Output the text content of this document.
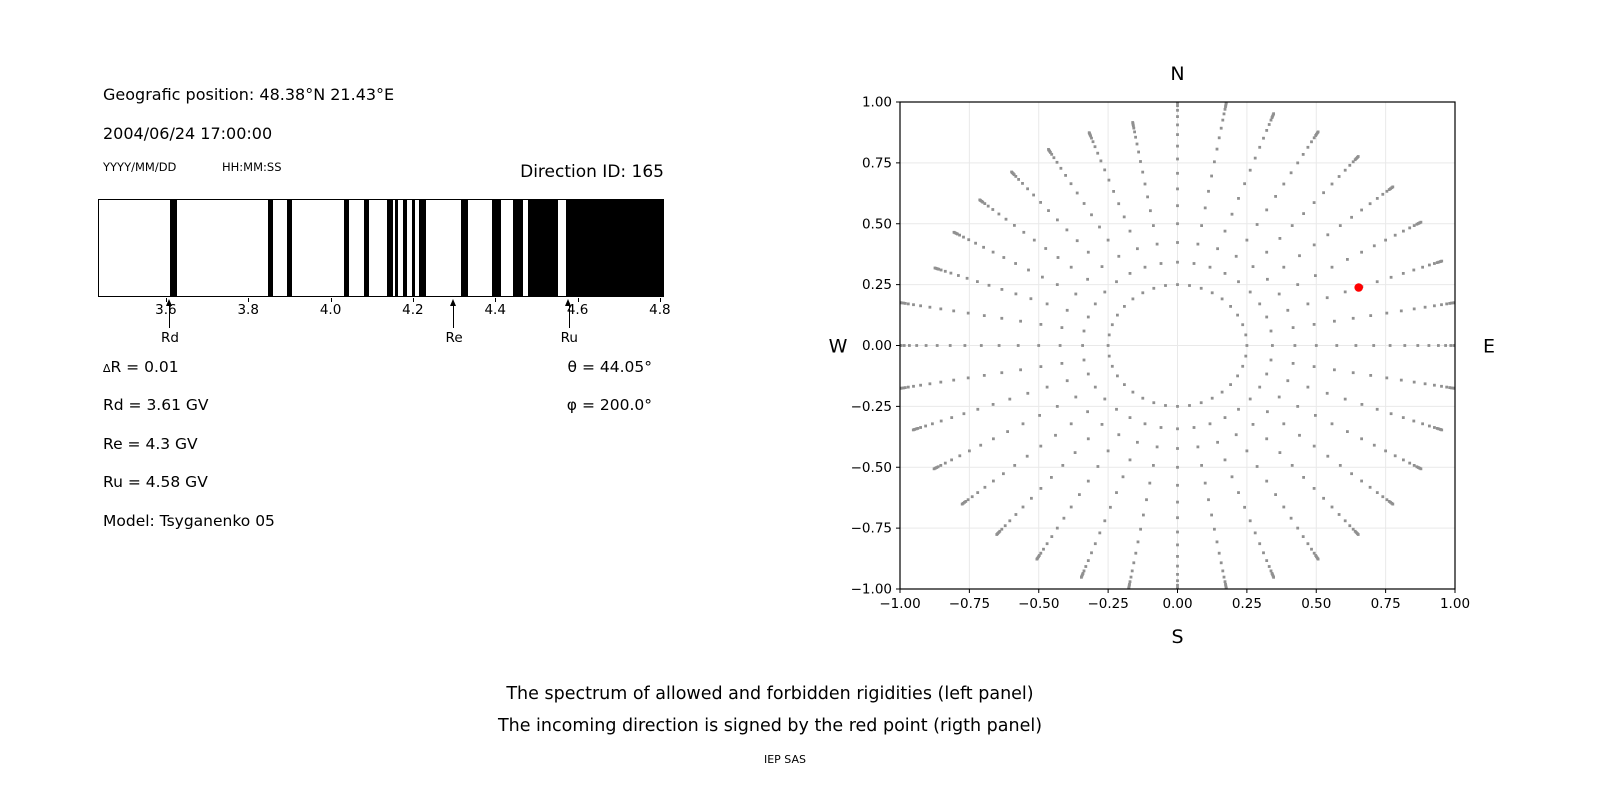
Geografic position: 48.38°N 21.43°E
2004/06/24 17:00:00
YYYY/MM/DD	HH:MM:SS	Direction ID: 165
3.6	3.8	4.0	4.2	4.4	4.6	4.8
Rd	Re	Ru
∆R = 0.01
Rd = 3.61 GV
Re = 4.3 GV
Ru = 4.58 GV
Model: Tsyganenko 05
θ = 44.05°
φ = 200.0°
−1.00
−1.00
−0.75
−0.75
−0.50
−0.50
−0.25
−0.25
0.00
0.00
0.25
0.25
0.50
0.50
0.75
0.75
1.00
1.00
N
S
W	E
The spectrum of allowed and forbidden rigidities (left panel)
The incoming direction is signed by the red point (rigth panel)
IEP SAS
